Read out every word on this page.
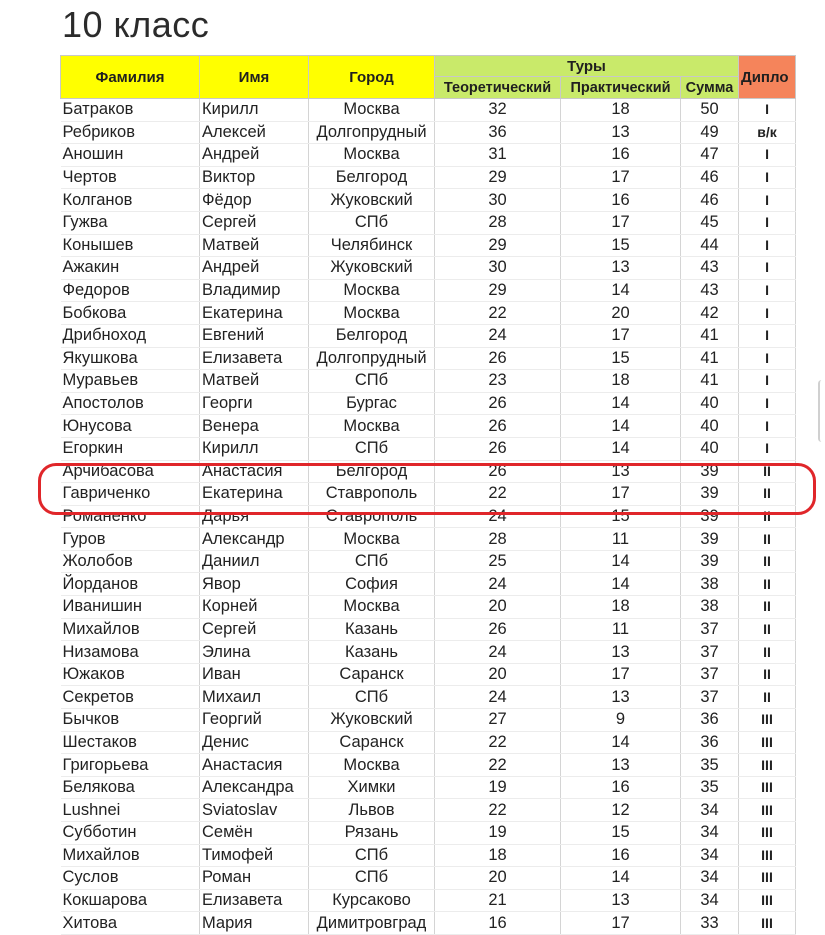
10 класс
Фамилия	Имя	Город	Туры			Дипло
			Теоретический	Практический	Сумма	
Батраков	Кирилл	Москва	32	18	50	I
Ребриков	Алексей	Долгопрудный	36	13	49	в/к
Аношин	Андрей	Москва	31	16	47	I
Чертов	Виктор	Белгород	29	17	46	I
Колганов	Фёдор	Жуковский	30	16	46	I
Гужва	Сергей	СПб	28	17	45	I
Конышев	Матвей	Челябинск	29	15	44	I
Ажакин	Андрей	Жуковский	30	13	43	I
Федоров	Владимир	Москва	29	14	43	I
Бобкова	Екатерина	Москва	22	20	42	I
Дрибноход	Евгений	Белгород	24	17	41	I
Якушкова	Елизавета	Долгопрудный	26	15	41	I
Муравьев	Матвей	СПб	23	18	41	I
Апостолов	Георги	Бургас	26	14	40	I
Юнусова	Венера	Москва	26	14	40	I
Егоркин	Кирилл	СПб	26	14	40	I
Арчибасова	Анастасия	Белгород	26	13	39	II
Гавриченко	Екатерина	Ставрополь	22	17	39	II
Романенко	Дарья	Ставрополь	24	15	39	II
Гуров	Александр	Москва	28	11	39	II
Жолобов	Даниил	СПб	25	14	39	II
Йорданов	Явор	София	24	14	38	II
Иванишин	Корней	Москва	20	18	38	II
Михайлов	Сергей	Казань	26	11	37	II
Низамова	Элина	Казань	24	13	37	II
Южаков	Иван	Саранск	20	17	37	II
Секретов	Михаил	СПб	24	13	37	II
Бычков	Георгий	Жуковский	27	9	36	III
Шестаков	Денис	Саранск	22	14	36	III
Григорьева	Анастасия	Москва	22	13	35	III
Белякова	Александра	Химки	19	16	35	III
Lushnei	Sviatoslav	Львов	22	12	34	III
Субботин	Семён	Рязань	19	15	34	III
Михайлов	Тимофей	СПб	18	16	34	III
Суслов	Роман	СПб	20	14	34	III
Кокшарова	Елизавета	Курсаково	21	13	34	III
Хитова	Мария	Димитровград	16	17	33	III
